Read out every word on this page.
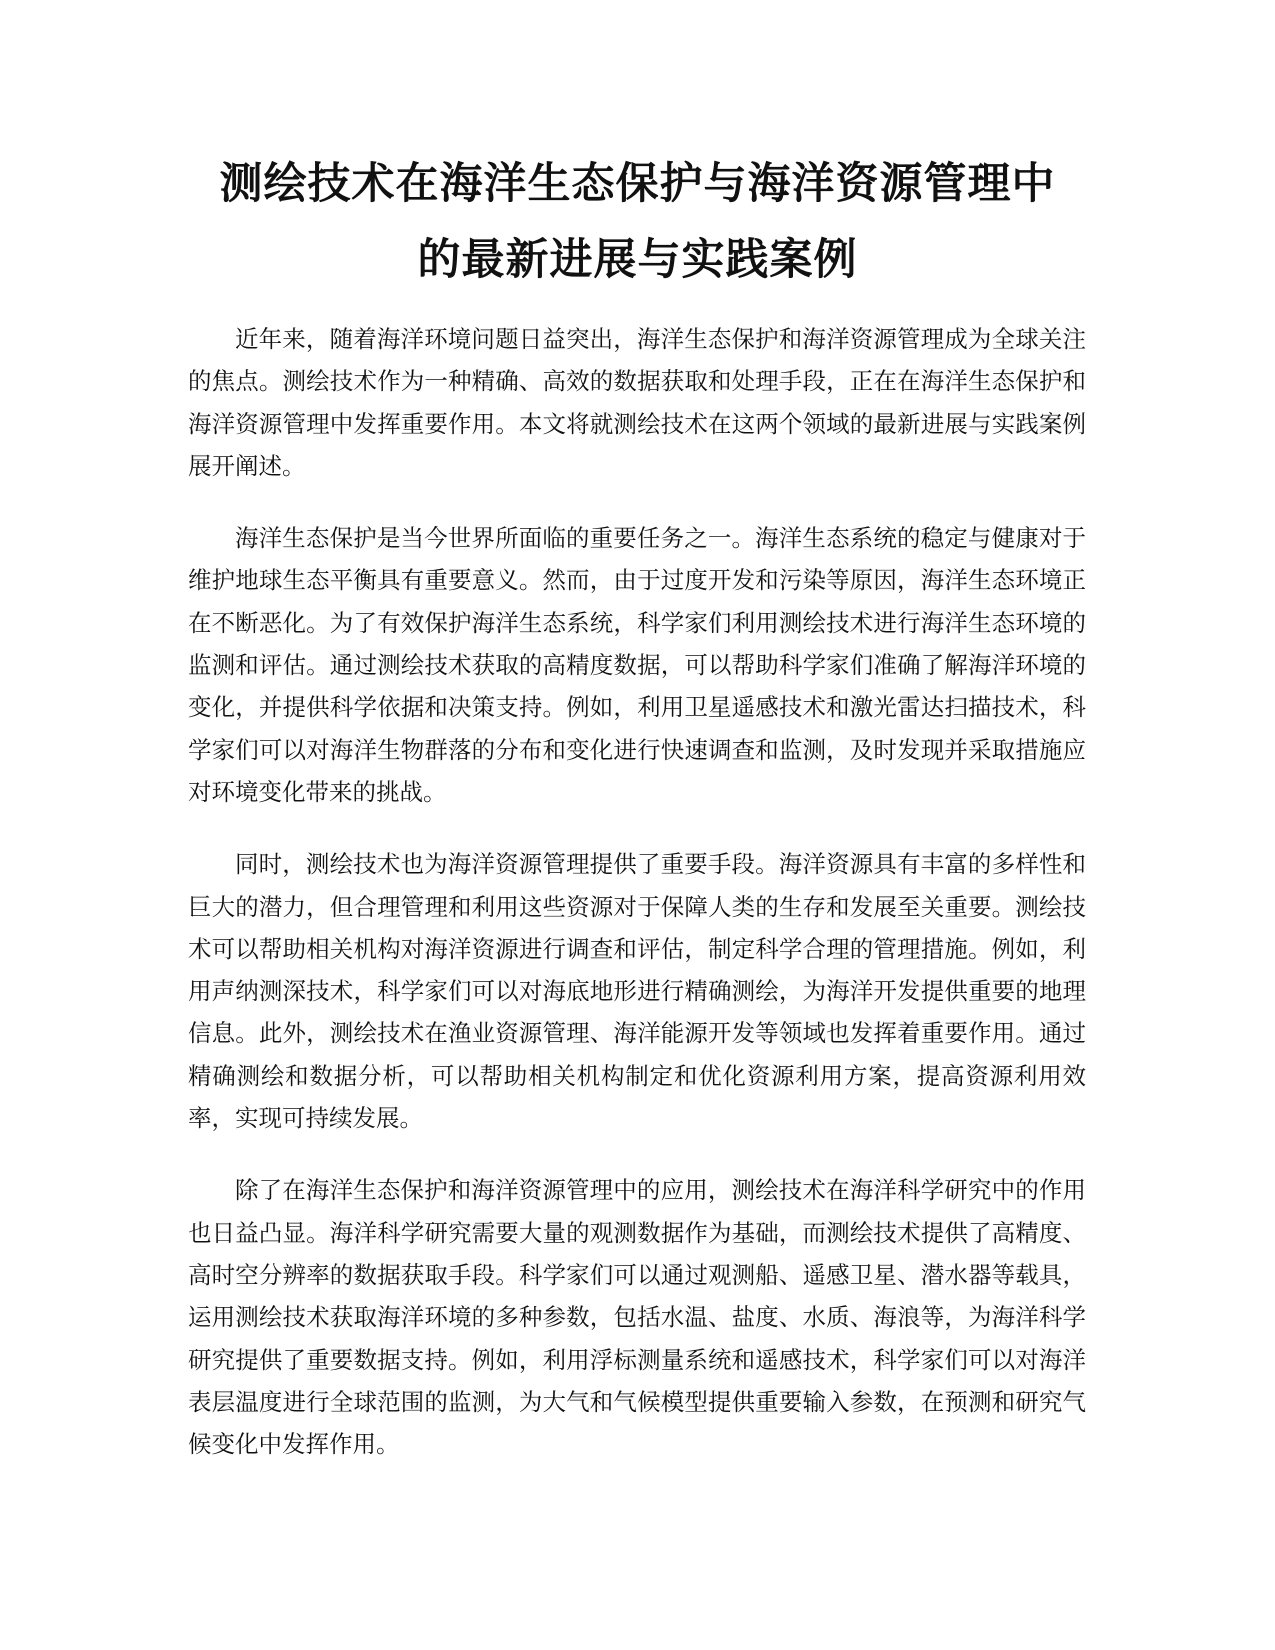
测绘技术在海洋生态保护与海洋资源管理中
的最新进展与实践案例

近年来，随着海洋环境问题日益突出，海洋生态保护和海洋资源管理成为全球关注的焦点。测绘技术作为一种精确、高效的数据获取和处理手段，正在在海洋生态保护和海洋资源管理中发挥重要作用。本文将就测绘技术在这两个领域的最新进展与实践案例展开阐述。

海洋生态保护是当今世界所面临的重要任务之一。海洋生态系统的稳定与健康对于维护地球生态平衡具有重要意义。然而，由于过度开发和污染等原因，海洋生态环境正在不断恶化。为了有效保护海洋生态系统，科学家们利用测绘技术进行海洋生态环境的监测和评估。通过测绘技术获取的高精度数据，可以帮助科学家们准确了解海洋环境的变化，并提供科学依据和决策支持。例如，利用卫星遥感技术和激光雷达扫描技术，科学家们可以对海洋生物群落的分布和变化进行快速调查和监测，及时发现并采取措施应对环境变化带来的挑战。

同时，测绘技术也为海洋资源管理提供了重要手段。海洋资源具有丰富的多样性和巨大的潜力，但合理管理和利用这些资源对于保障人类的生存和发展至关重要。测绘技术可以帮助相关机构对海洋资源进行调查和评估，制定科学合理的管理措施。例如，利用声纳测深技术，科学家们可以对海底地形进行精确测绘，为海洋开发提供重要的地理信息。此外，测绘技术在渔业资源管理、海洋能源开发等领域也发挥着重要作用。通过精确测绘和数据分析，可以帮助相关机构制定和优化资源利用方案，提高资源利用效率，实现可持续发展。

除了在海洋生态保护和海洋资源管理中的应用，测绘技术在海洋科学研究中的作用也日益凸显。海洋科学研究需要大量的观测数据作为基础，而测绘技术提供了高精度、高时空分辨率的数据获取手段。科学家们可以通过观测船、遥感卫星、潜水器等载具，运用测绘技术获取海洋环境的多种参数，包括水温、盐度、水质、海浪等，为海洋科学研究提供了重要数据支持。例如，利用浮标测量系统和遥感技术，科学家们可以对海洋表层温度进行全球范围的监测，为大气和气候模型提供重要输入参数，在预测和研究气候变化中发挥作用。
